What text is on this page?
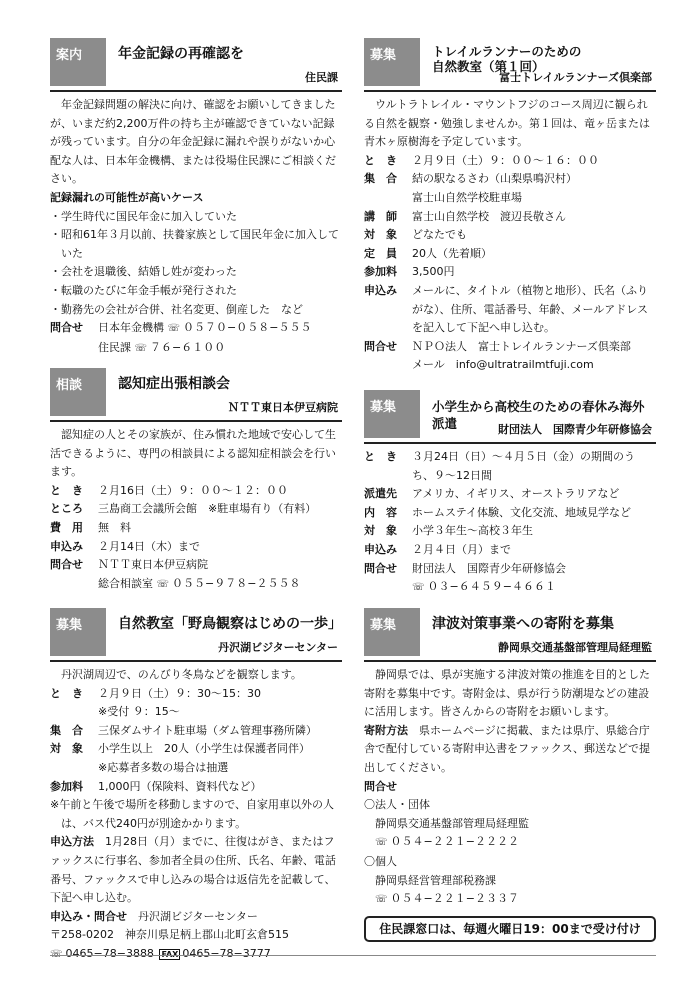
案内	年金記録の再確認を
住民課

年金記録問題の解決に向け、確認をお願いしてきましたが、いまだ約2,200万件の持ち主が確認できていない記録が残っています。自分の年金記録に漏れや誤りがないか心配な人は、日本年金機構、または役場住民課にご相談ください。

記録漏れの可能性が高いケース

・学生時代に国民年金に加入していた

・昭和61年３月以前、扶養家族として国民年金に加入していた

・会社を退職後、結婚し姓が変わった

・転職のたびに年金手帳が発行された

・勤務先の会社が合併、社名変更、倒産した　など

問合せ	日本年金機構 ☏ ０５７０−０５８−５５５
住民課 ☏ ７６−６１００
相談	認知症出張相談会
ＮＴＴ東日本伊豆病院

認知症の人とその家族が、住み慣れた地域で安心して生活できるように、専門の相談員による認知症相談会を行います。

と　き	２月16日（土）９：００〜１２：００
ところ	三島商工会議所会館　※駐車場有り（有料）
費　用	無　料
申込み	２月14日（木）まで
問合せ	ＮＴＴ東日本伊豆病院
総合相談室 ☏ ０５５−９７８−２５５８
募集	自然教室「野鳥観察はじめの一歩」
丹沢湖ビジターセンター

丹沢湖周辺で、のんびり冬鳥などを観察します。

と　き	２月９日（土）９：30〜15：30
※受付 ９：15〜
集　合	三保ダムサイト駐車場（ダム管理事務所隣）
対　象	小学生以上　20人（小学生は保護者同伴）
※応募者多数の場合は抽選
参加料	1,000円（保険料、資料代など）

※午前と午後で場所を移動しますので、自家用車以外の人は、バス代240円が別途かかります。

申込方法　 1月28日（月）までに、往復はがき、またはファックスに行事名、参加者全員の住所、氏名、年齢、電話番号、ファックスで申し込みの場合は返信先を記載して、下記へ申し込む。

申込み・問合せ　 丹沢湖ビジターセンター

〒258-0202　神奈川県足柄上郡山北町玄倉515

☏ 0465−78−3888 FAX 0465−78−3777

募集	トレイルランナーのための
自然教室（第１回）
富士トレイルランナーズ倶楽部

ウルトラトレイル・マウントフジのコース周辺に観られる自然を観察・勉強しませんか。第１回は、竜ヶ岳または青木ヶ原樹海を予定しています。

と　き	２月９日（土）９：００〜１６：００
集　合	結の駅なるさわ（山梨県鳴沢村）
富士山自然学校駐車場
講　師	富士山自然学校　渡辺長敬さん
対　象	どなたでも
定　員	20人（先着順）
参加料	3,500円
申込み	メールに、タイトル（植物と地形）、氏名（ふりがな）、住所、電話番号、年齢、メールアドレスを記入して下記へ申し込む。
問合せ	ＮＰＯ法人　富士トレイルランナーズ倶楽部
メール　info@ultratrailmtfuji.com
募集	小学生から高校生のための春休み海外派遣	財団法人　国際青少年研修協会
と　き	３月24日（日）〜４月５日（金）の期間のうち、９〜12日間
派遣先	アメリカ、イギリス、オーストラリアなど
内　容	ホームステイ体験、文化交流、地域見学など
対　象	小学３年生〜高校３年生
申込み	２月４日（月）まで
問合せ	財団法人　国際青少年研修協会
☏ ０３−６４５９−４６６１
募集	津波対策事業への寄附を募集
静岡県交通基盤部管理局経理監

静岡県では、県が実施する津波対策の推進を目的とした寄附を募集中です。寄附金は、県が行う防潮堤などの建設に活用します。皆さんからの寄附をお願いします。

寄附方法　 県ホームページに掲載、または県庁、県総合庁舎で配付している寄附申込書をファックス、郵送などで提出してください。

問合せ

〇法人・団体

静岡県交通基盤部管理局経理監

☏ ０５４−２２１−２２２２

〇個人

静岡県経営管理部税務課

☏ ０５４−２２１−２３３７

住民課窓口は、毎週火曜日19：00まで受け付け
